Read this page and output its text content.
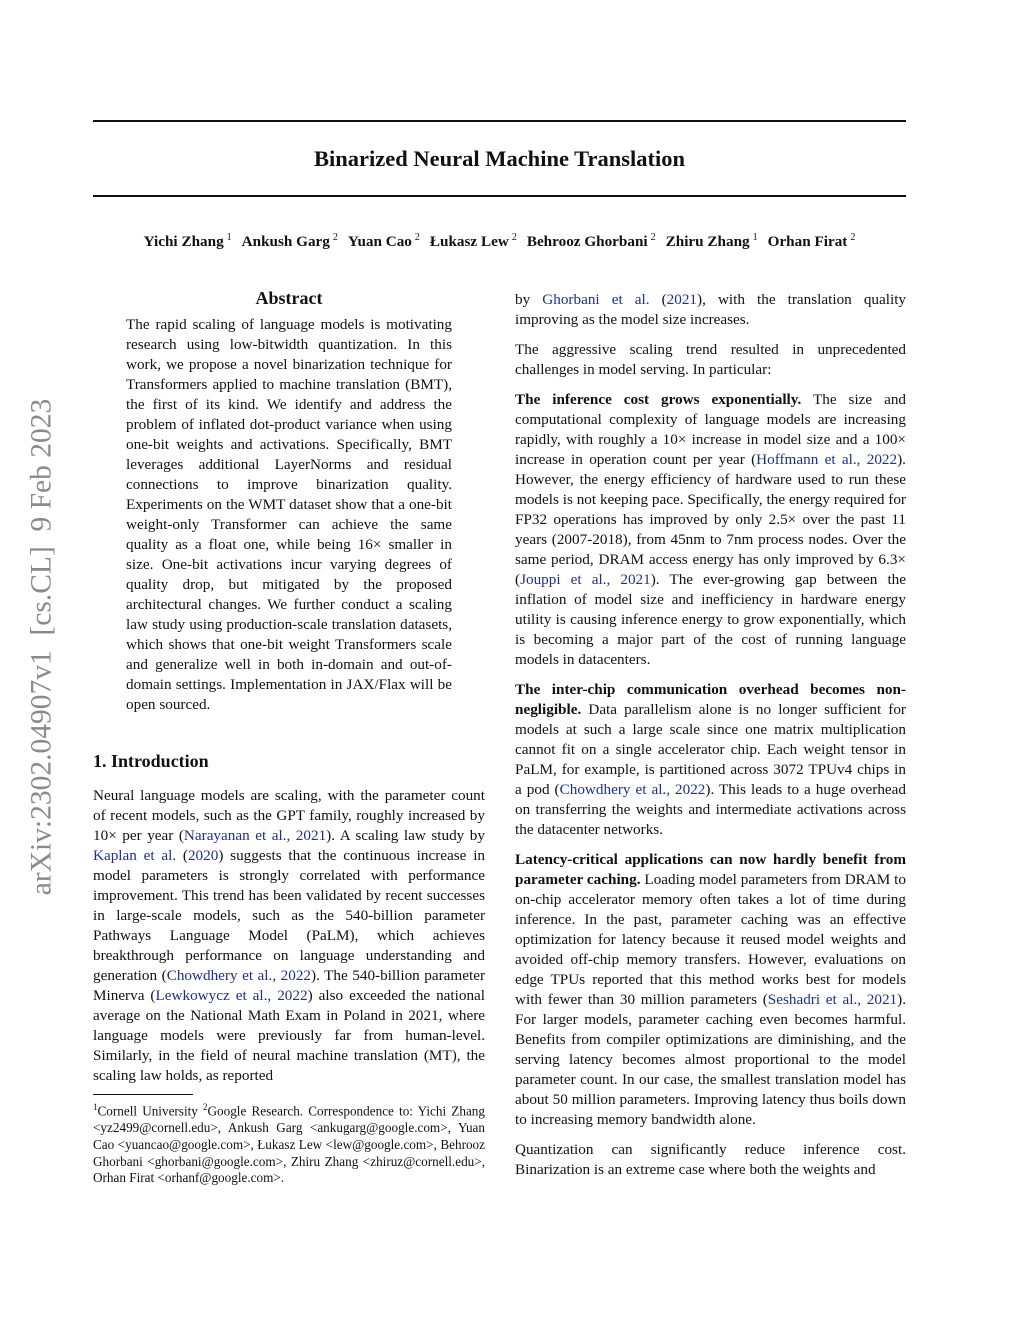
arXiv:2302.04907v1  [cs.CL]  9 Feb 2023
Binarized Neural Machine Translation
Yichi Zhang $^1$ Ankush Garg $^2$ Yuan Cao $^2$ Łukasz Lew $^2$ Behrooz Ghorbani $^2$ Zhiru Zhang $^1$ Orhan Firat $^2$
Abstract

The rapid scaling of language models is motivating research using low-bitwidth quantization. In this work, we propose a novel binarization technique for Transformers applied to machine translation (BMT), the first of its kind. We identify and address the problem of inflated dot-product variance when using one-bit weights and activations. Specifically, BMT leverages additional LayerNorms and residual connections to improve binarization quality. Experiments on the WMT dataset show that a one-bit weight-only Transformer can achieve the same quality as a float one, while being 16× smaller in size. One-bit activations incur varying degrees of quality drop, but mitigated by the proposed architectural changes. We further conduct a scaling law study using production-scale translation datasets, which shows that one-bit weight Transformers scale and generalize well in both in-domain and out-of-domain settings. Implementation in JAX/Flax will be open sourced.

1. Introduction

Neural language models are scaling, with the parameter count of recent models, such as the GPT family, roughly increased by 10× per year (Narayanan et al., 2021). A scaling law study by Kaplan et al. (2020) suggests that the continuous increase in model parameters is strongly correlated with performance improvement. This trend has been validated by recent successes in large-scale models, such as the 540-billion parameter Pathways Language Model (PaLM), which achieves breakthrough performance on language understanding and generation (Chowdhery et al., 2022). The 540-billion parameter Minerva (Lewkowycz et al., 2022) also exceeded the national average on the National Math Exam in Poland in 2021, where language models were previously far from human-level. Similarly, in the field of neural machine translation (MT), the scaling law holds, as reported

$^1$Cornell University $^2$Google Research. Correspondence to: Yichi Zhang <yz2499@cornell.edu>, Ankush Garg <ankugarg@google.com>, Yuan Cao <yuancao@google.com>, Łukasz Lew <lew@google.com>, Behrooz Ghorbani <ghorbani@google.com>, Zhiru Zhang <zhiruz@cornell.edu>, Orhan Firat <orhanf@google.com>.

by Ghorbani et al. (2021), with the translation quality improving as the model size increases.

The aggressive scaling trend resulted in unprecedented challenges in model serving. In particular:

The inference cost grows exponentially. The size and computational complexity of language models are increasing rapidly, with roughly a 10× increase in model size and a 100× increase in operation count per year (Hoffmann et al., 2022). However, the energy efficiency of hardware used to run these models is not keeping pace. Specifically, the energy required for FP32 operations has improved by only 2.5× over the past 11 years (2007-2018), from 45nm to 7nm process nodes. Over the same period, DRAM access energy has only improved by 6.3× (Jouppi et al., 2021). The ever-growing gap between the inflation of model size and inefficiency in hardware energy utility is causing inference energy to grow exponentially, which is becoming a major part of the cost of running language models in datacenters.

The inter-chip communication overhead becomes non-negligible. Data parallelism alone is no longer sufficient for models at such a large scale since one matrix multiplication cannot fit on a single accelerator chip. Each weight tensor in PaLM, for example, is partitioned across 3072 TPUv4 chips in a pod (Chowdhery et al., 2022). This leads to a huge overhead on transferring the weights and intermediate activations across the datacenter networks.

Latency-critical applications can now hardly benefit from parameter caching. Loading model parameters from DRAM to on-chip accelerator memory often takes a lot of time during inference. In the past, parameter caching was an effective optimization for latency because it reused model weights and avoided off-chip memory transfers. However, evaluations on edge TPUs reported that this method works best for models with fewer than 30 million parameters (Seshadri et al., 2021). For larger models, parameter caching even becomes harmful. Benefits from compiler optimizations are diminishing, and the serving latency becomes almost proportional to the model parameter count. In our case, the smallest translation model has about 50 million parameters. Improving latency thus boils down to increasing memory bandwidth alone.

Quantization can significantly reduce inference cost. Binarization is an extreme case where both the weights and
